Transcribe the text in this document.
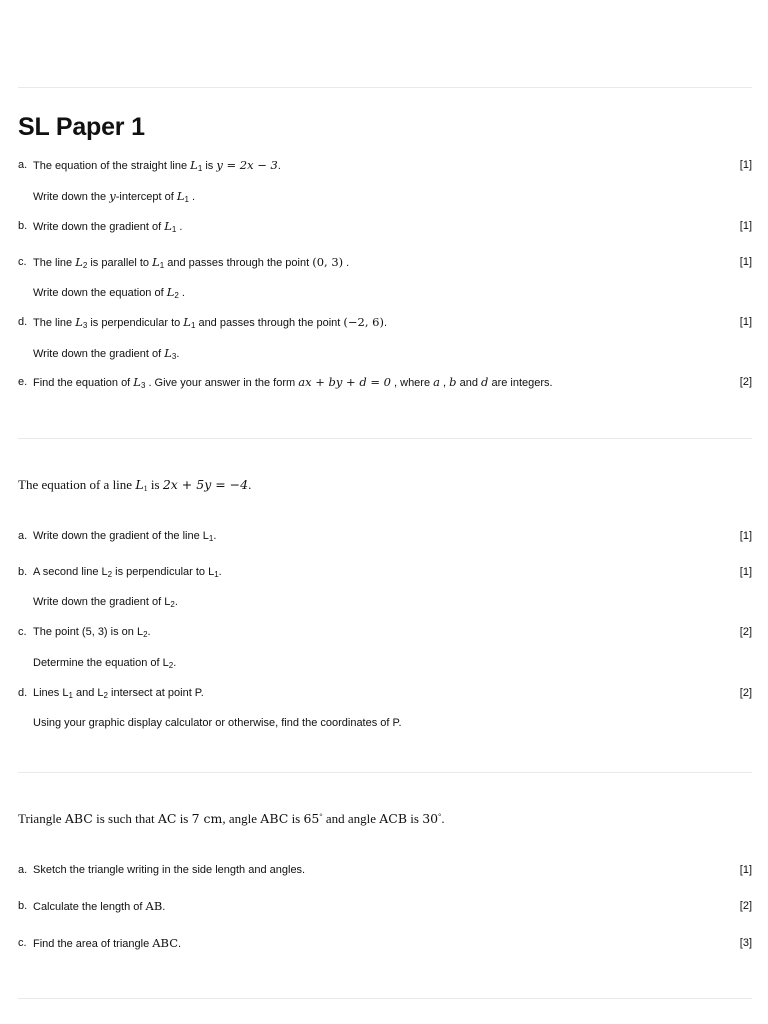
SL Paper 1
a. The equation of the straight line $L_1$ is y = 2x − 3.	[1]
Write down the y-intercept of $L_1$ .
b. Write down the gradient of $L_1$ .	[1]
c. The line $L_2$ is parallel to $L_1$ and passes through the point (0, 3) .	[1]
Write down the equation of $L_2$ .
d. The line $L_3$ is perpendicular to $L_1$ and passes through the point (−2, 6).	[1]
Write down the gradient of $L_3$.
e. Find the equation of $L_3$ . Give your answer in the form ax + by + d = 0 , where a , b and d are integers.	[2]
The equation of a line $L_1$ is 2x + 5y = −4.
a. Write down the gradient of the line $L_1$.	[1]
b. A second line $L_2$ is perpendicular to $L_1$.	[1]
Write down the gradient of $L_2$.
c. The point (5, 3) is on $L_2$.	[2]
Determine the equation of $L_2$.
d. Lines $L_1$ and $L_2$ intersect at point P.	[2]
Using your graphic display calculator or otherwise, find the coordinates of P.
Triangle ABC is such that AC is 7 cm, angle ABC is 65° and angle ACB is 30°.
a. Sketch the triangle writing in the side length and angles.	[1]
b. Calculate the length of AB.	[2]
c. Find the area of triangle ABC.	[3]
